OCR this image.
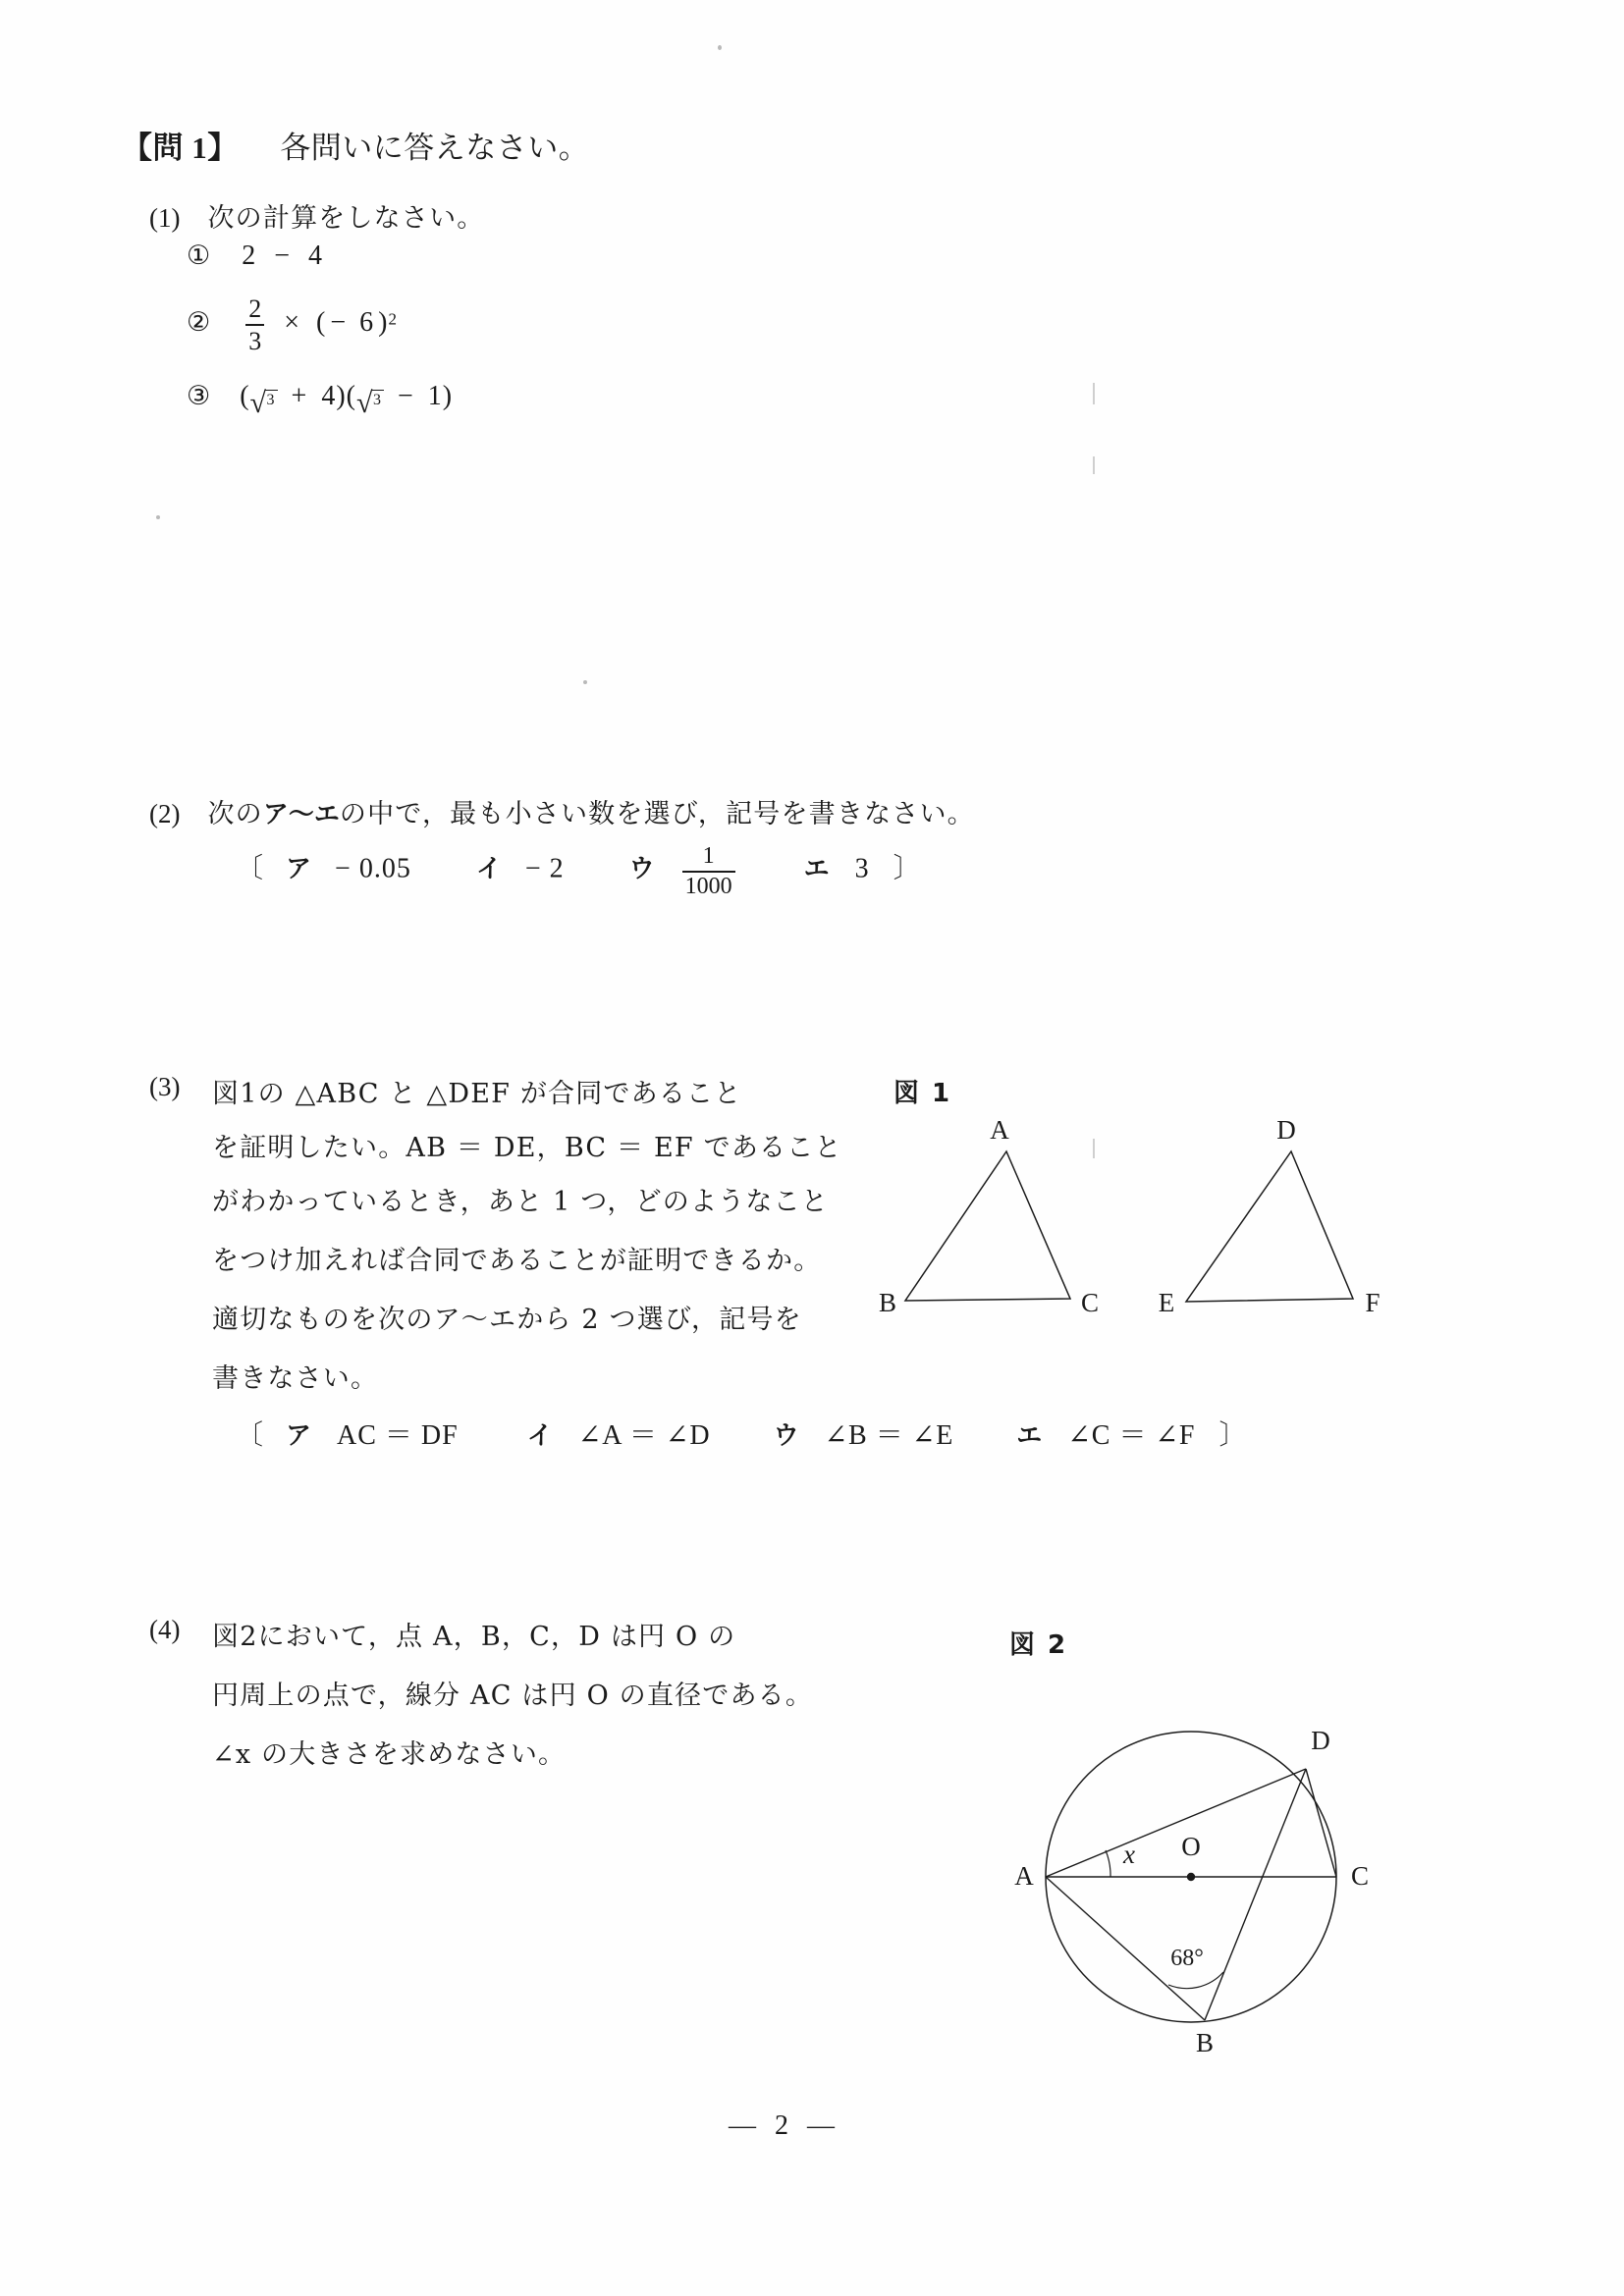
【問 1】 各問いに答えなさい。
(1) 次の計算をしなさい。
① 2 − 4
② $\frac{2}{3}$ × ( − 6 )2
③ ( √ 3 + 4)( √ 3 − 1)
(2) 次のア～エの中で，最も小さい数を選び，記号を書きなさい。
〔 ア − 0.05	イ − 2	ウ $\frac{1}{1000}$	エ 3 〕
(3) 図1の △ABC と △DEF が合同であること
を証明したい。AB ＝ DE，BC ＝ EF であること
がわかっているとき，あと 1 つ，どのようなこと
をつけ加えれば合同であることが証明できるか。
適切なものを次のア～エから 2 つ選び，記号を
書きなさい。
〔 ア AC ＝ DF	イ ∠A ＝ ∠D ウ ∠B ＝ ∠E エ ∠C ＝ ∠F 〕
図 1
A
B	C
D
E	F
(4) 図2において，点 A，B，C，D は円 O の
円周上の点で，線分 AC は円 O の直径である。
∠x の大きさを求めなさい。
図 2
O
x
68°
A	C
D
B
— 2 —
